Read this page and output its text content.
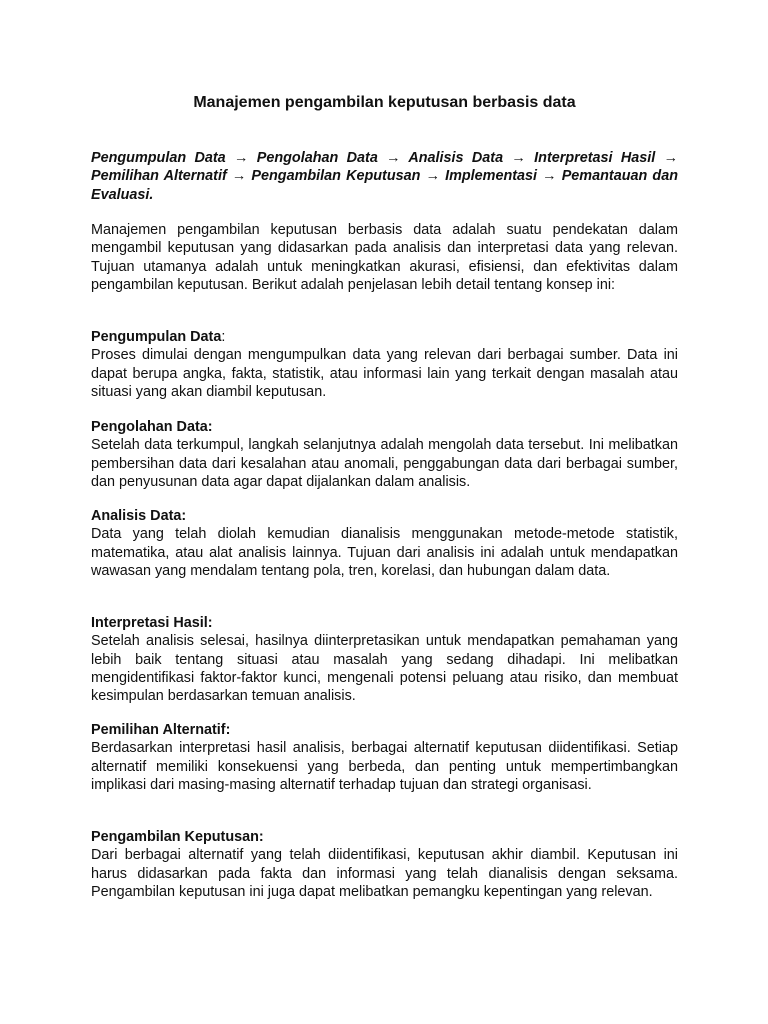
Manajemen pengambilan keputusan berbasis data

Pengumpulan Data → Pengolahan Data → Analisis Data → Interpretasi Hasil → Pemilihan Alternatif → Pengambilan Keputusan → Implementasi → Pemantauan dan Evaluasi.

Manajemen pengambilan keputusan berbasis data adalah suatu pendekatan dalam mengambil keputusan yang didasarkan pada analisis dan interpretasi data yang relevan. Tujuan utamanya adalah untuk meningkatkan akurasi, efisiensi, dan efektivitas dalam pengambilan keputusan. Berikut adalah penjelasan lebih detail tentang konsep ini:

Pengumpulan Data:
Proses dimulai dengan mengumpulkan data yang relevan dari berbagai sumber. Data ini dapat berupa angka, fakta, statistik, atau informasi lain yang terkait dengan masalah atau situasi yang akan diambil keputusan.
Pengolahan Data:
Setelah data terkumpul, langkah selanjutnya adalah mengolah data tersebut. Ini melibatkan pembersihan data dari kesalahan atau anomali, penggabungan data dari berbagai sumber, dan penyusunan data agar dapat dijalankan dalam analisis.
Analisis Data:
Data yang telah diolah kemudian dianalisis menggunakan metode-metode statistik, matematika, atau alat analisis lainnya. Tujuan dari analisis ini adalah untuk mendapatkan wawasan yang mendalam tentang pola, tren, korelasi, dan hubungan dalam data.
Interpretasi Hasil:
Setelah analisis selesai, hasilnya diinterpretasikan untuk mendapatkan pemahaman yang lebih baik tentang situasi atau masalah yang sedang dihadapi. Ini melibatkan mengidentifikasi faktor-faktor kunci, mengenali potensi peluang atau risiko, dan membuat kesimpulan berdasarkan temuan analisis.
Pemilihan Alternatif:
Berdasarkan interpretasi hasil analisis, berbagai alternatif keputusan diidentifikasi. Setiap alternatif memiliki konsekuensi yang berbeda, dan penting untuk mempertimbangkan implikasi dari masing-masing alternatif terhadap tujuan dan strategi organisasi.
Pengambilan Keputusan:
Dari berbagai alternatif yang telah diidentifikasi, keputusan akhir diambil. Keputusan ini harus didasarkan pada fakta dan informasi yang telah dianalisis dengan seksama. Pengambilan keputusan ini juga dapat melibatkan pemangku kepentingan yang relevan.
